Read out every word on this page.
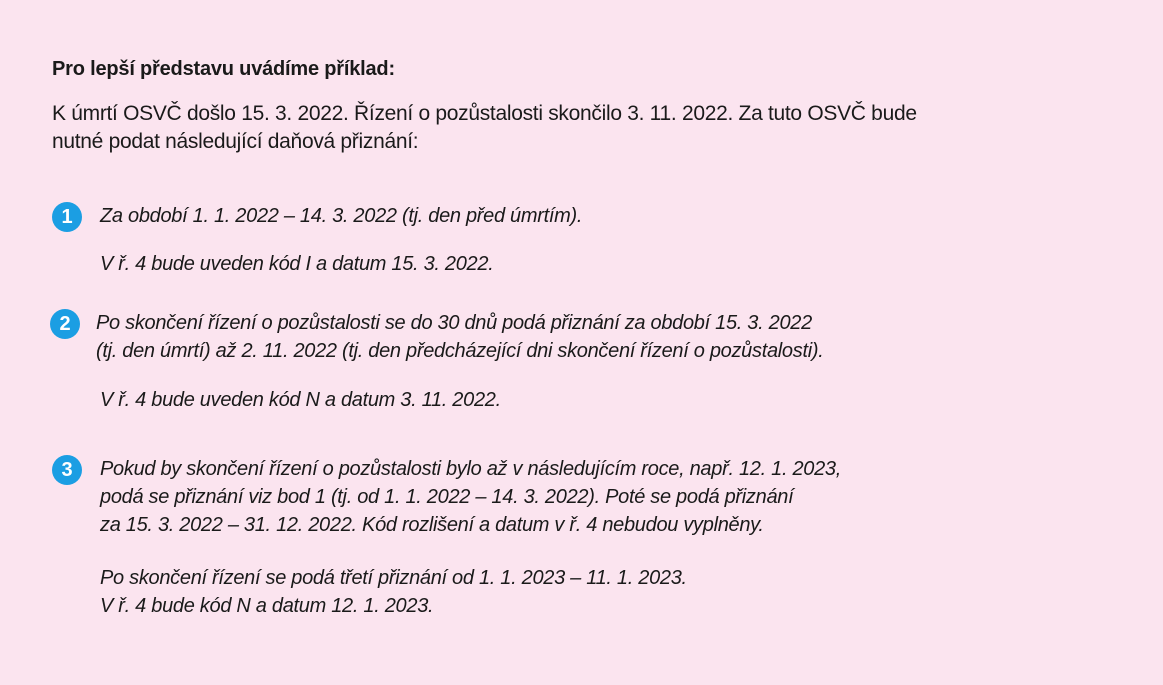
Pro lepší představu uvádíme příklad:

K úmrtí OSVČ došlo 15. 3. 2022. Řízení o pozůstalosti skončilo 3. 11. 2022. Za tuto OSVČ bude
nutné podat následující daňová přiznání:
1	Za období 1. 1. 2022 – 14. 3. 2022 (tj. den před úmrtím).
V ř. 4 bude uveden kód I a datum 15. 3. 2022.
2	Po skončení řízení o pozůstalosti se do 30 dnů podá přiznání za období 15. 3. 2022
(tj. den úmrtí) až 2. 11. 2022 (tj. den předcházející dni skončení řízení o pozůstalosti).
V ř. 4 bude uveden kód N a datum 3. 11. 2022.
3	Pokud by skončení řízení o pozůstalosti bylo až v následujícím roce, např. 12. 1. 2023,
podá se přiznání viz bod 1 (tj. od 1. 1. 2022 – 14. 3. 2022). Poté se podá přiznání
za 15. 3. 2022 – 31. 12. 2022. Kód rozlišení a datum v ř. 4 nebudou vyplněny.
Po skončení řízení se podá třetí přiznání od 1. 1. 2023 – 11. 1. 2023.
V ř. 4 bude kód N a datum 12. 1. 2023.
